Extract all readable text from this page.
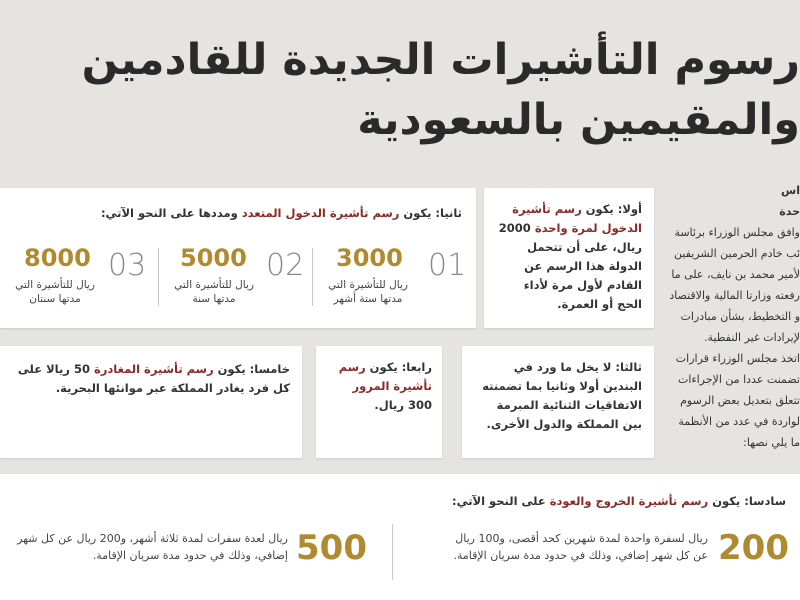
رسوم التأشيرات الجديدة للقادمين
والمقيمين بالسعودية

اس

حدة

وافق مجلس الوزراء برئاسة

ئب خادم الحرمين الشريفين

لأمير محمد بن نايف، على ما

رفعته وزارتا المالية والاقتصاد

و التخطيط، بشأن مبادرات

لإيرادات غير النفطية.

اتخذ مجلس الوزراء قرارات

تضمنت عددا من الإجراءات

تتعلق بتعديل بعض الرسوم

لواردة في عدد من الأنظمة

ما يلي نصها:

أولا: يكون رسم تأشيرة الدخول لمرة واحدة 2000 ريال، على أن تتحمل الدولة هذا الرسم عن القادم لأول مرة لأداء الحج أو العمرة.
ثانيا: يكون رسم تأشيرة الدخول المتعدد ومددها على النحو الآتي:
01
3000
ريال للتأشيرة التي مدتها ستة أشهر
02
5000
ريال للتأشيرة التي مدتها سنة
03
8000
ريال للتأشيرة التي مدتها سنتان
ثالثا: لا يخل ما ورد في البندين أولا وثانيا بما تضمنته الاتفاقيات الثنائية المبرمة بين المملكة والدول الأخرى.
رابعا: يكون رسم تأشيرة المرور 300 ريال.
خامسا: يكون رسم تأشيرة المغادرة 50 ريالا على كل فرد يغادر المملكة عبر موانئها البحرية.
سادسا: يكون رسم تأشيرة الخروج والعودة على النحو الآتي:
200
ريال لسفرة واحدة لمدة شهرين كحد أقصى، و100 ريال عن كل شهر إضافي، وذلك في حدود مدة سريان الإقامة.
500
ريال لعدة سفرات لمدة ثلاثة أشهر، و200 ريال عن كل شهر إضافي، وذلك في حدود مدة سريان الإقامة.
